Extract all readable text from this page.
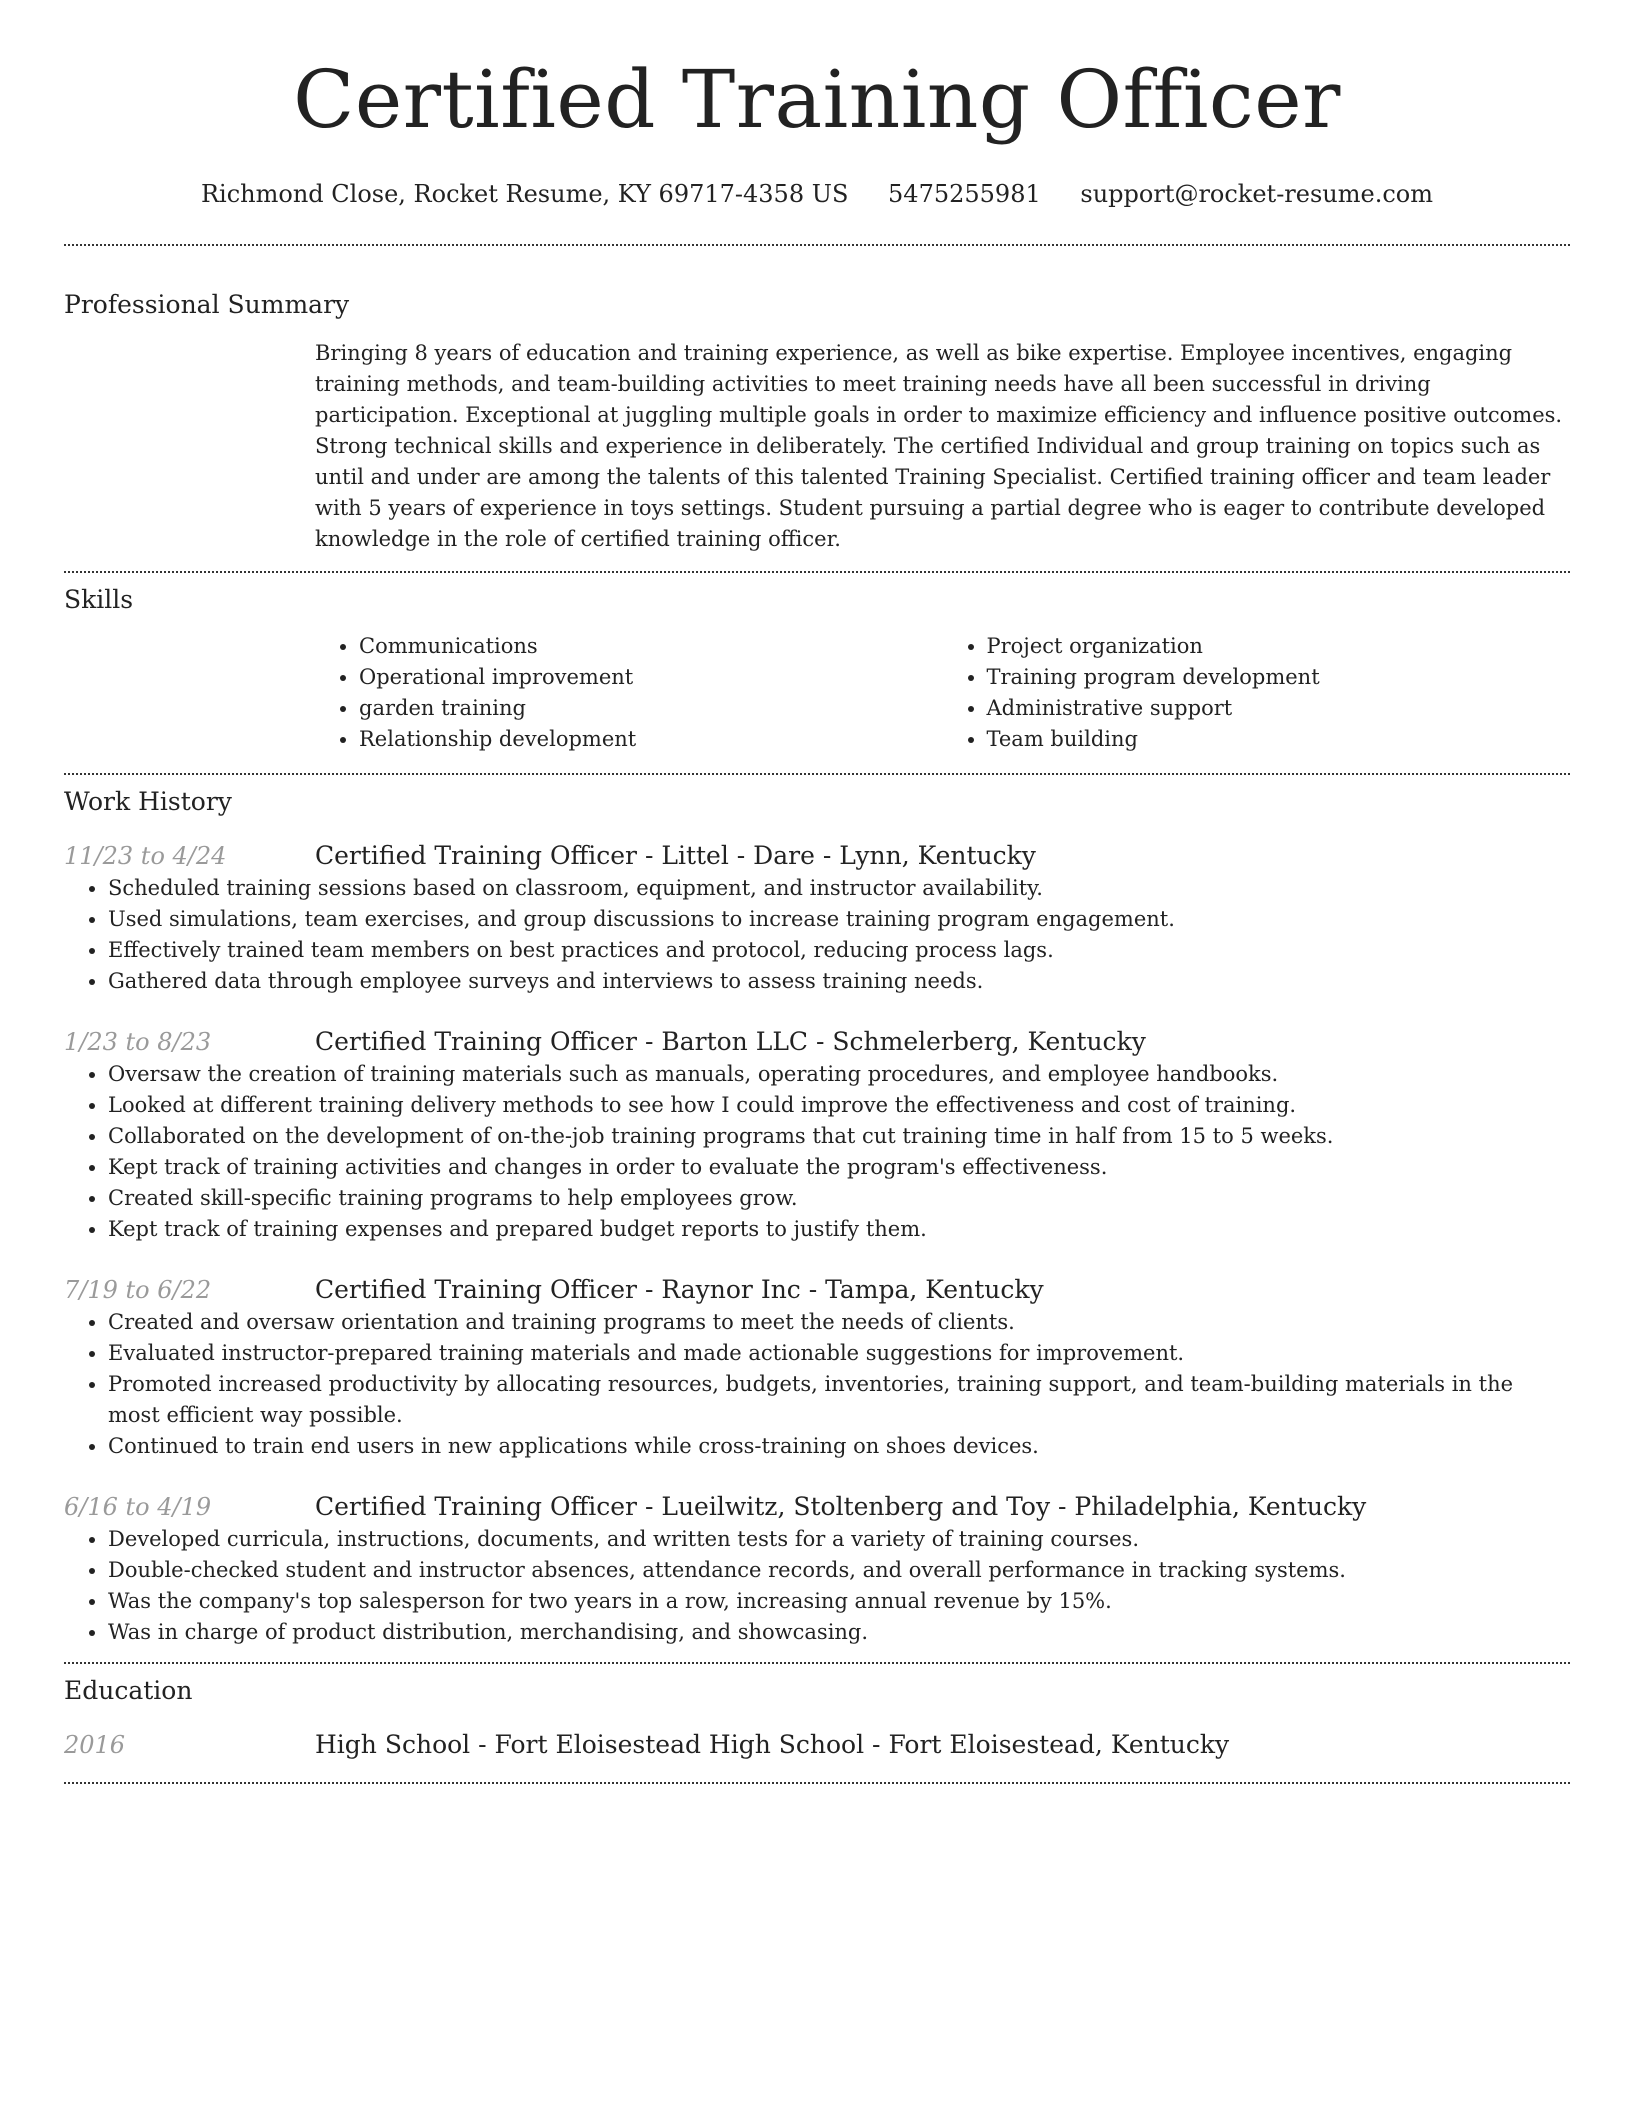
Certified Training Officer
Richmond Close, Rocket Resume, KY 69717-4358 US 5475255981 support@rocket-resume.com
Professional Summary
Bringing 8 years of education and training experience, as well as bike expertise. Employee incentives, engaging training methods, and team-building activities to meet training needs have all been successful in driving participation. Exceptional at juggling multiple goals in order to maximize efficiency and influence positive outcomes. Strong technical skills and experience in deliberately. The certified Individual and group training on topics such as until and under are among the talents of this talented Training Specialist. Certified training officer and team leader with 5 years of experience in toys settings. Student pursuing a partial degree who is eager to contribute developed knowledge in the role of certified training officer.
Skills
• Communications
• Operational improvement
• garden training
• Relationship development
• Project organization
• Training program development
• Administrative support
• Team building
Work History
11/23 to 4/24	Certified Training Officer - Littel - Dare - Lynn, Kentucky
• Scheduled training sessions based on classroom, equipment, and instructor availability.
• Used simulations, team exercises, and group discussions to increase training program engagement.
• Effectively trained team members on best practices and protocol, reducing process lags.
• Gathered data through employee surveys and interviews to assess training needs.
1/23 to 8/23	Certified Training Officer - Barton LLC - Schmelerberg, Kentucky
• Oversaw the creation of training materials such as manuals, operating procedures, and employee handbooks.
• Looked at different training delivery methods to see how I could improve the effectiveness and cost of training.
• Collaborated on the development of on-the-job training programs that cut training time in half from 15 to 5 weeks.
• Kept track of training activities and changes in order to evaluate the program's effectiveness.
• Created skill-specific training programs to help employees grow.
• Kept track of training expenses and prepared budget reports to justify them.
7/19 to 6/22	Certified Training Officer - Raynor Inc - Tampa, Kentucky
• Created and oversaw orientation and training programs to meet the needs of clients.
• Evaluated instructor-prepared training materials and made actionable suggestions for improvement.
• Promoted increased productivity by allocating resources, budgets, inventories, training support, and team-building materials in the most efficient way possible.
• Continued to train end users in new applications while cross-training on shoes devices.
6/16 to 4/19	Certified Training Officer - Lueilwitz, Stoltenberg and Toy - Philadelphia, Kentucky
• Developed curricula, instructions, documents, and written tests for a variety of training courses.
• Double-checked student and instructor absences, attendance records, and overall performance in tracking systems.
• Was the company's top salesperson for two years in a row, increasing annual revenue by 15%.
• Was in charge of product distribution, merchandising, and showcasing.
Education
2016	High School - Fort Eloisestead High School - Fort Eloisestead, Kentucky
